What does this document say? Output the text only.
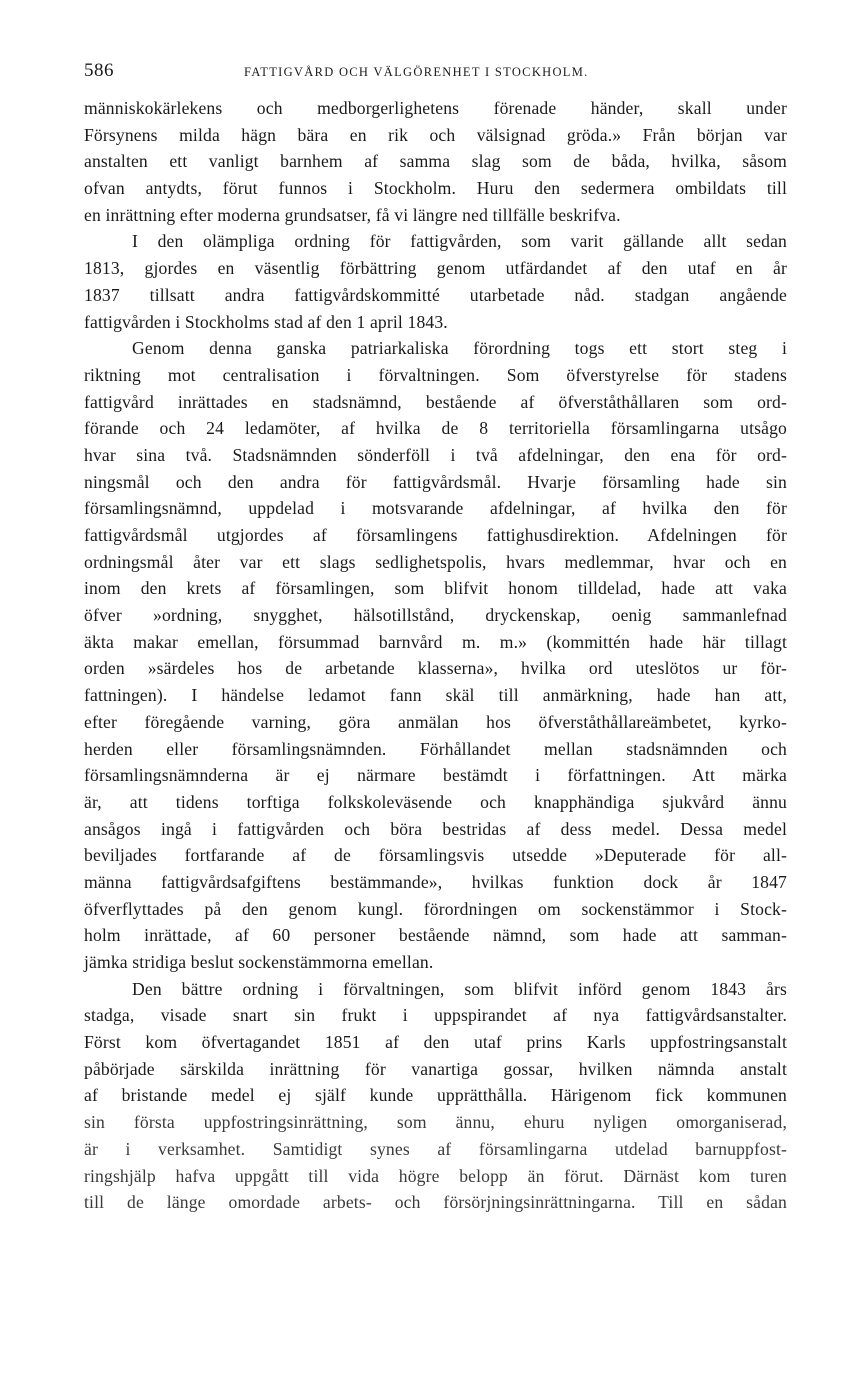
586	FATTIGVÅRD OCH VÄLGÖRENHET I STOCKHOLM.
människokärlekens och medborgerlighetens förenade händer, skall under
Försynens milda hägn bära en rik och välsignad gröda.» Från början var
anstalten ett vanligt barnhem af samma slag som de båda, hvilka, såsom
ofvan antydts, förut funnos i Stockholm. Huru den sedermera ombildats till
en inrättning efter moderna grundsatser, få vi längre ned tillfälle beskrifva.
I den olämpliga ordning för fattigvården, som varit gällande allt sedan
1813, gjordes en väsentlig förbättring genom utfärdandet af den utaf en år
1837 tillsatt andra fattigvårdskommitté utarbetade nåd. stadgan angående
fattigvården i Stockholms stad af den 1 april 1843.
Genom denna ganska patriarkaliska förordning togs ett stort steg i
riktning mot centralisation i förvaltningen. Som öfverstyrelse för stadens
fattigvård inrättades en stadsnämnd, bestående af öfverståthållaren som ord-
förande och 24 ledamöter, af hvilka de 8 territoriella församlingarna utsågo
hvar sina två. Stadsnämnden sönderföll i två afdelningar, den ena för ord-
ningsmål och den andra för fattigvårdsmål. Hvarje församling hade sin
församlingsnämnd, uppdelad i motsvarande afdelningar, af hvilka den för
fattigvårdsmål utgjordes af församlingens fattighusdirektion. Afdelningen för
ordningsmål åter var ett slags sedlighetspolis, hvars medlemmar, hvar och en
inom den krets af församlingen, som blifvit honom tilldelad, hade att vaka
öfver »ordning, snygghet, hälsotillstånd, dryckenskap, oenig sammanlefnad
äkta makar emellan, försummad barnvård m. m.» (kommittén hade här tillagt
orden »särdeles hos de arbetande klasserna», hvilka ord uteslötos ur för-
fattningen). I händelse ledamot fann skäl till anmärkning, hade han att,
efter föregående varning, göra anmälan hos öfverståthållareämbetet, kyrko-
herden eller församlingsnämnden. Förhållandet mellan stadsnämnden och
församlingsnämnderna är ej närmare bestämdt i författningen. Att märka
är, att tidens torftiga folkskoleväsende och knapphändiga sjukvård ännu
ansågos ingå i fattigvården och böra bestridas af dess medel. Dessa medel
beviljades fortfarande af de församlingsvis utsedde »Deputerade för all-
männa fattigvårdsafgiftens bestämmande», hvilkas funktion dock år 1847
öfverflyttades på den genom kungl. förordningen om sockenstämmor i Stock-
holm inrättade, af 60 personer bestående nämnd, som hade att samman-
jämka stridiga beslut sockenstämmorna emellan.
Den bättre ordning i förvaltningen, som blifvit införd genom 1843 års
stadga, visade snart sin frukt i uppspirandet af nya fattigvårdsanstalter.
Först kom öfvertagandet 1851 af den utaf prins Karls uppfostringsanstalt
påbörjade särskilda inrättning för vanartiga gossar, hvilken nämnda anstalt
af bristande medel ej själf kunde upprätthålla. Härigenom fick kommunen
sin första uppfostringsinrättning, som ännu, ehuru nyligen omorganiserad,
är i verksamhet. Samtidigt synes af församlingarna utdelad barnuppfost-
ringshjälp hafva uppgått till vida högre belopp än förut. Därnäst kom turen
till de länge omordade arbets- och försörjningsinrättningarna. Till en sådan
